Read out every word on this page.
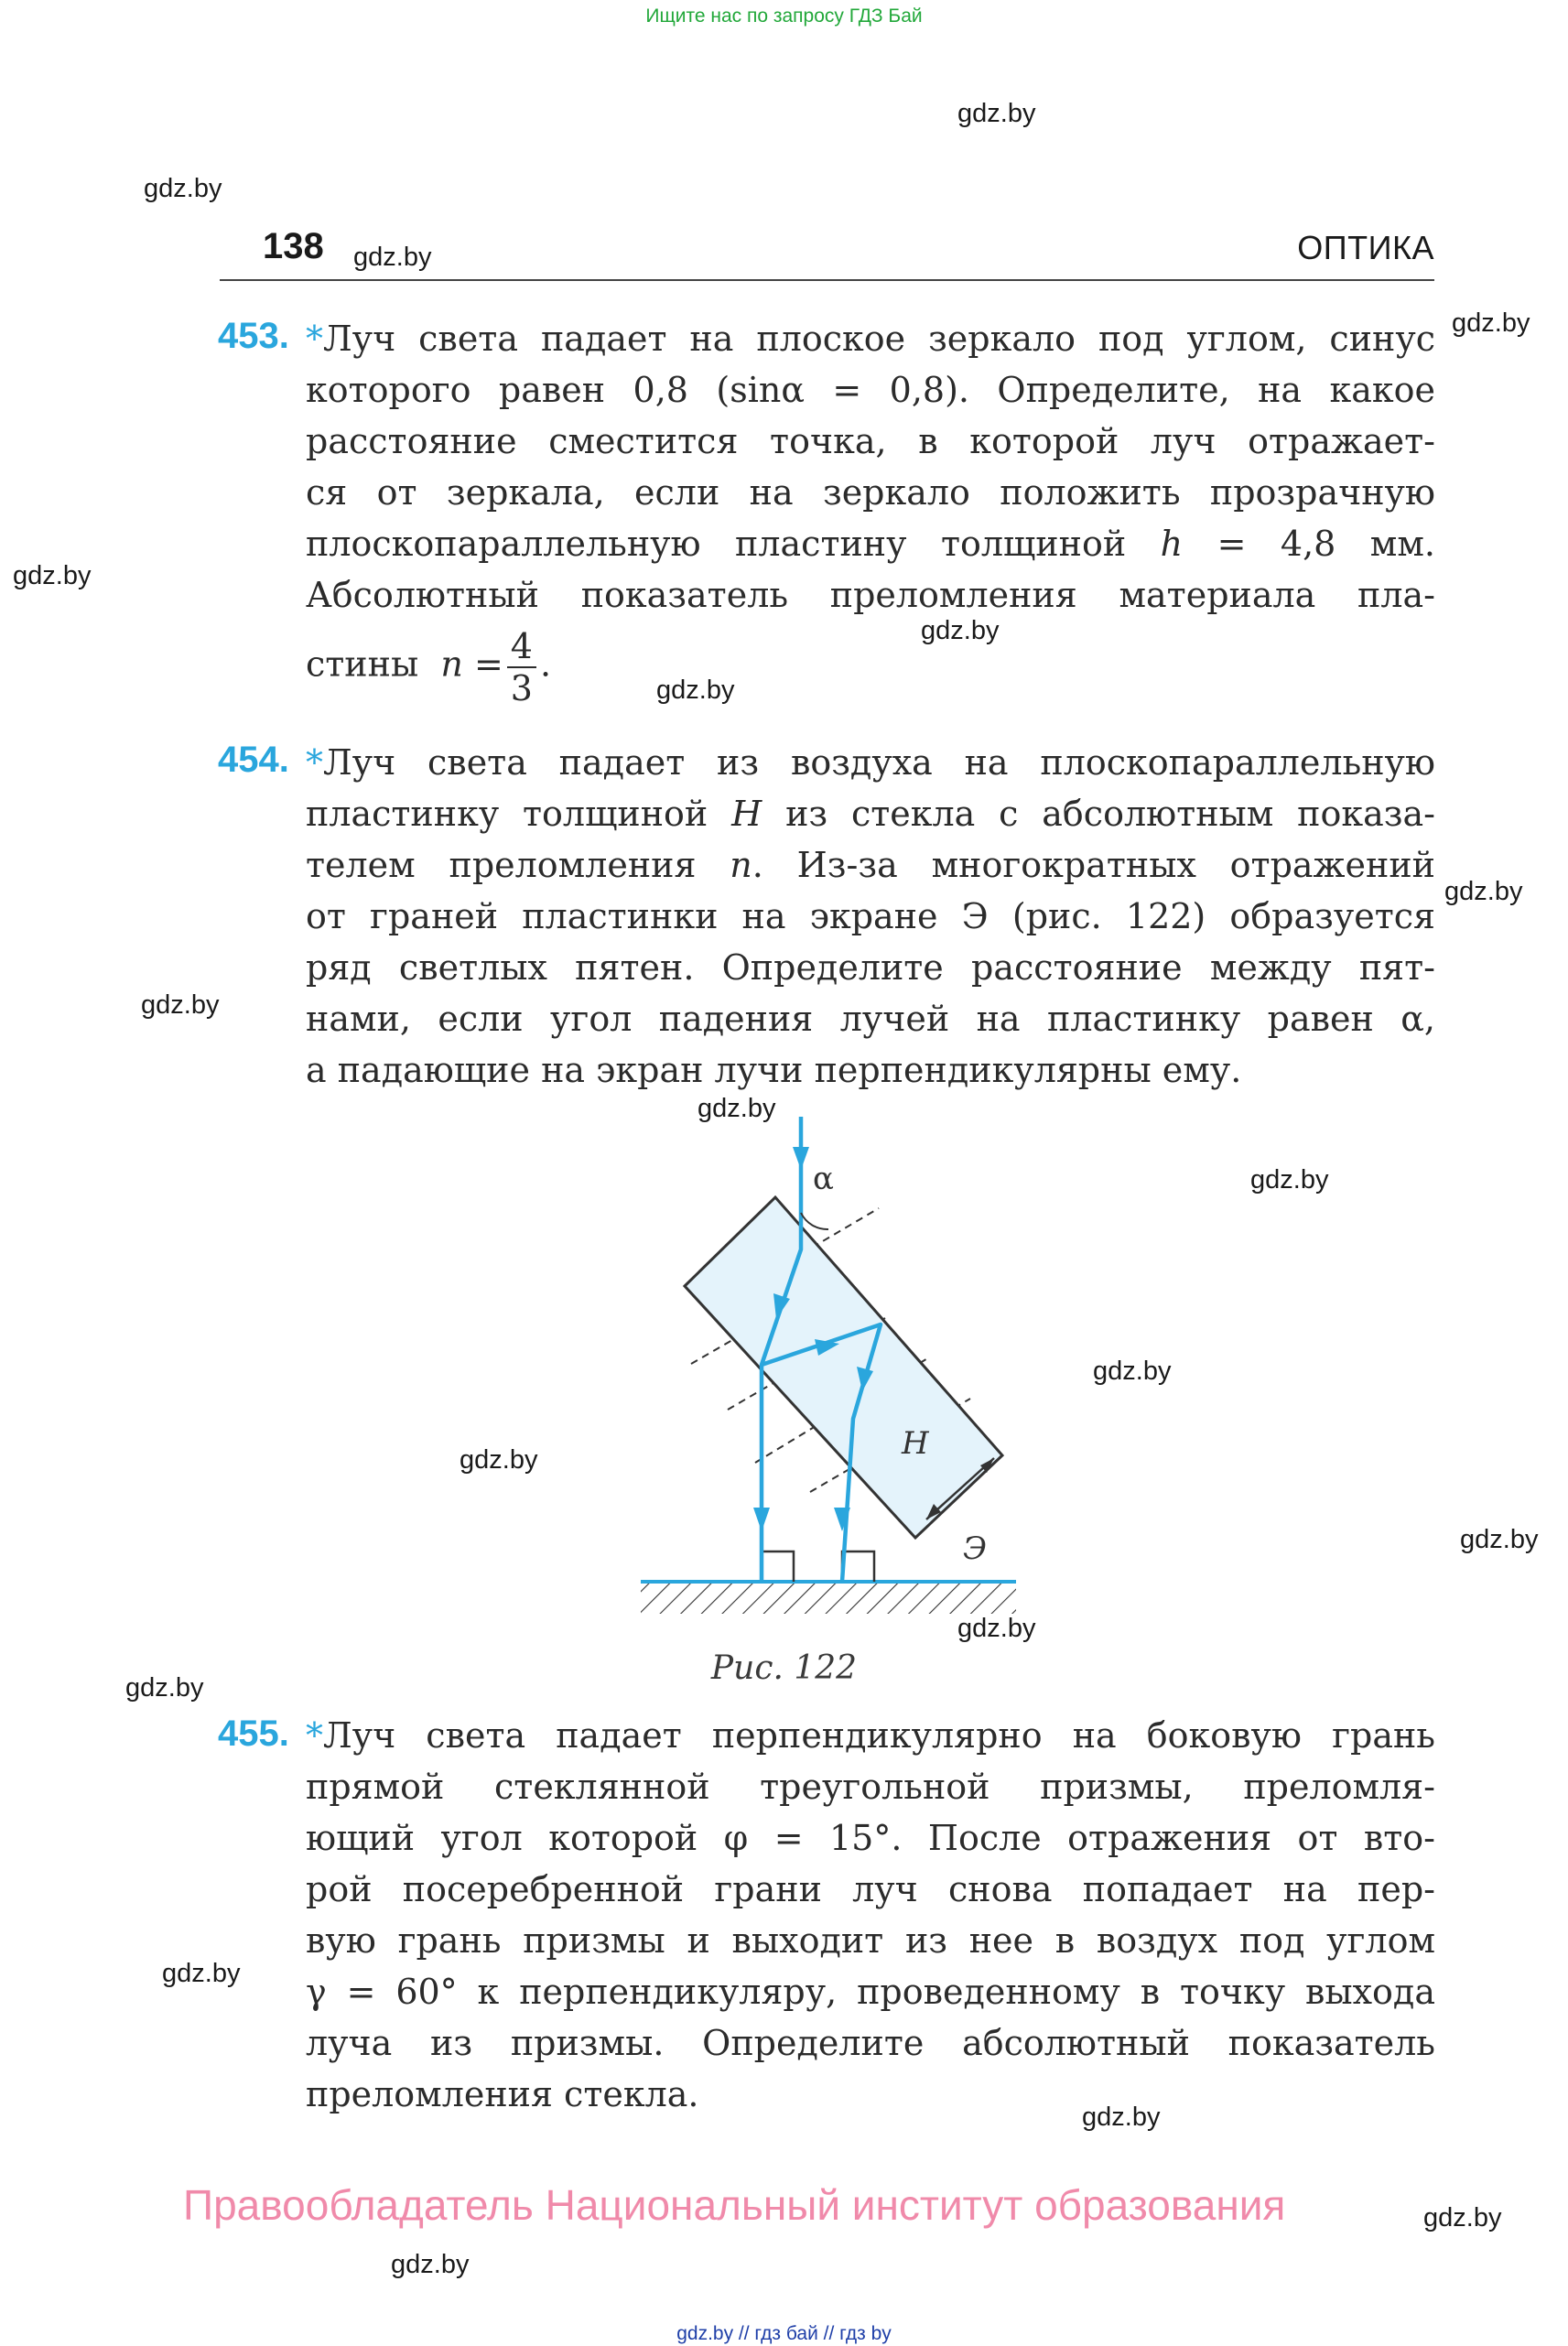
Ищите нас по запросу ГДЗ Бай
gdz.by
gdz.by
gdz.by
gdz.by
gdz.by
gdz.by
gdz.by
gdz.by
gdz.by
gdz.by
gdz.by
gdz.by
gdz.by
gdz.by
gdz.by
gdz.by
gdz.by
gdz.by
gdz.by
gdz.by
138	ОПТИКА
453. *Луч света падает на плоское зеркало под углом, синус
которого равен 0,8 (sinα = 0,8). Определите, на какое
расстояние сместится точка, в которой луч отражает-
ся от зеркала, если на зеркало положить прозрачную
плоскопараллельную пластину толщиной h = 4,8 мм.
Абсолютный показатель преломления материала пла-
стины $n = \frac{4}{3}$ .
454. *Луч света падает из воздуха на плоскопараллельную
пластинку толщиной H из стекла с абсолютным показа-
телем преломления n. Из-за многократных отражений
от граней пластинки на экране Э (рис. 122) образуется
ряд светлых пятен. Определите расстояние между пят-
нами, если угол падения лучей на пластинку равен α,
а падающие на экран лучи перпендикулярны ему.
α
H
Э
Рис. 122
455. *Луч света падает перпендикулярно на боковую грань
прямой стеклянной треугольной призмы, преломля-
ющий угол которой φ = 15°. После отражения от вто-
рой посеребренной грани луч снова попадает на пер-
вую грань призмы и выходит из нее в воздух под углом
γ = 60° к перпендикуляру, проведенному в точку выхода
луча из призмы. Определите абсолютный показатель
преломления стекла.
Правообладатель Национальный институт образования
gdz.by // гдз бай // гдз by
